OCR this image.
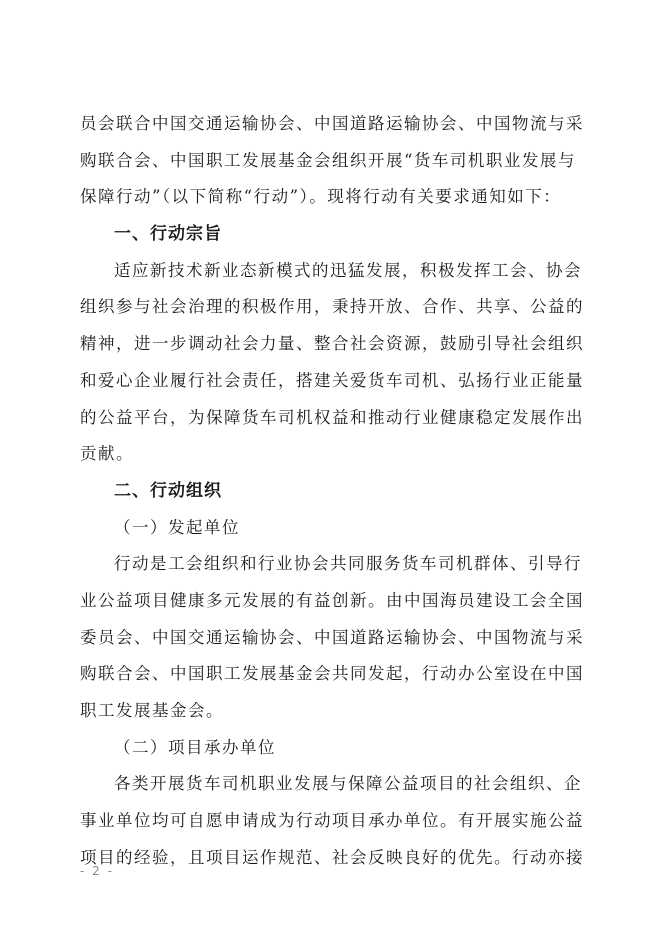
员会联合中国交通运输协会、中国道路运输协会、中国物流与采
购联合会、中国职工发展基金会组织开展“货车司机职业发展与
保障行动”（以下简称“行动”）。现将行动有关要求通知如下：
一、行动宗旨
适应新技术新业态新模式的迅猛发展，积极发挥工会、协会
组织参与社会治理的积极作用，秉持开放、合作、共享、公益的
精神，进一步调动社会力量、整合社会资源，鼓励引导社会组织
和爱心企业履行社会责任，搭建关爱货车司机、弘扬行业正能量
的公益平台，为保障货车司机权益和推动行业健康稳定发展作出
贡献。
二、行动组织
（一）发起单位
行动是工会组织和行业协会共同服务货车司机群体、引导行
业公益项目健康多元发展的有益创新。由中国海员建设工会全国
委员会、中国交通运输协会、中国道路运输协会、中国物流与采
购联合会、中国职工发展基金会共同发起，行动办公室设在中国
职工发展基金会。
（二）项目承办单位
各类开展货车司机职业发展与保障公益项目的社会组织、企
事业单位均可自愿申请成为行动项目承办单位。有开展实施公益
项目的经验，且项目运作规范、社会反映良好的优先。行动亦接
- 2 -
